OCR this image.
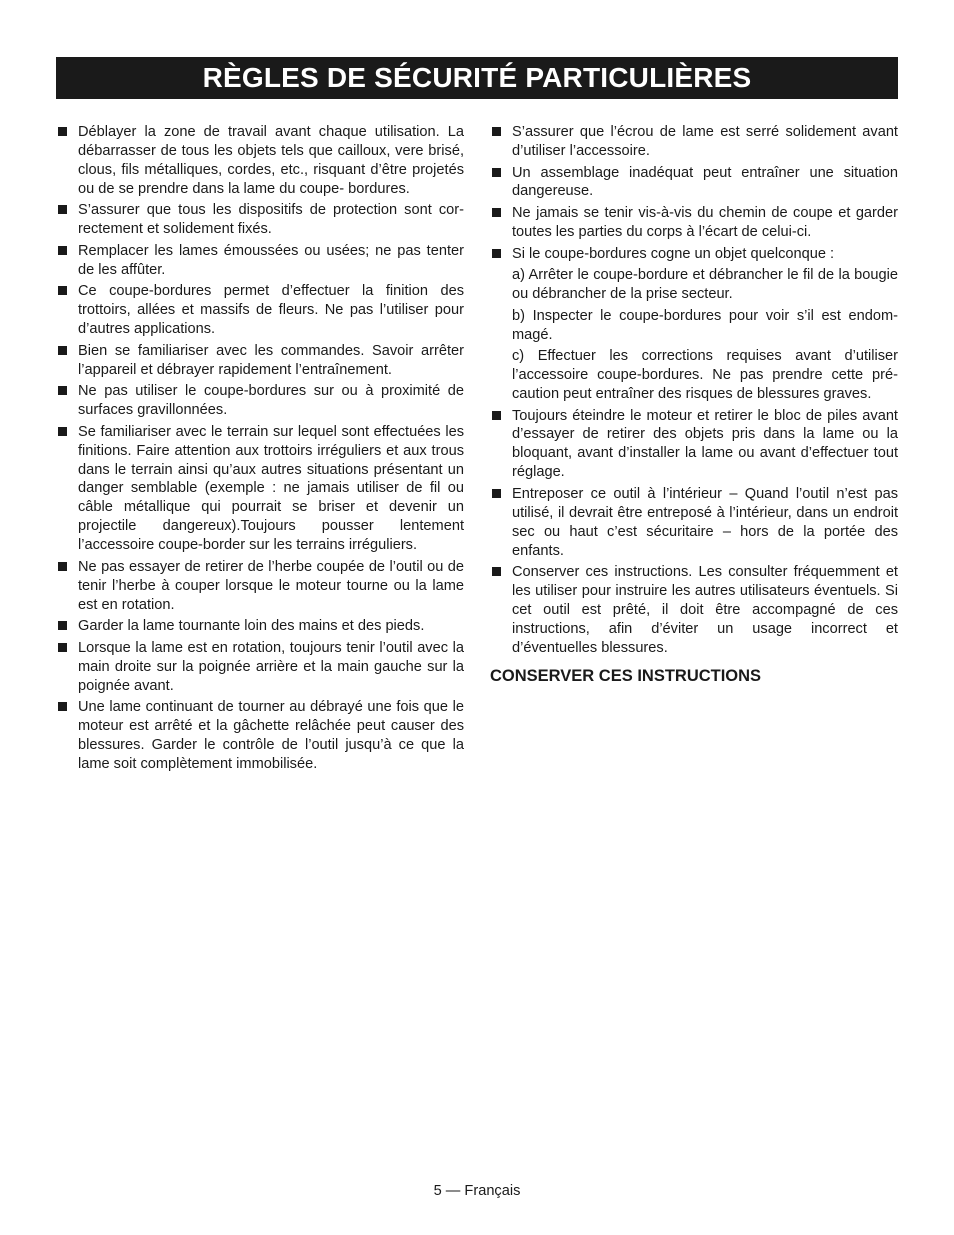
RÈGLES DE SÉCURITÉ PARTICULIÈRES
Déblayer la zone de travail avant chaque utilisation. La débarrasser de tous les objets tels que cailloux, vere brisé, clous, fils métalliques, cordes, etc., risquant d’être projetés ou de se prendre dans la lame du coupe- bordures.
S’assurer que tous les dispositifs de protection sont correctement et solidement fixés.
Remplacer les lames émoussées ou usées; ne pas tenter de les affûter.
Ce coupe-bordures permet d’effectuer la finition des trottoirs, allées et massifs de fleurs. Ne pas l’utiliser pour d’autres applications.
Bien se familiariser avec les commandes. Savoir arrêter l’appareil et débrayer rapidement l’entraînement.
Ne pas utiliser le coupe-bordures sur ou à proximité de surfaces gravillonnées.
Se familiariser avec le terrain sur lequel sont effectuées les finitions. Faire attention aux trottoirs irréguliers et aux trous dans le terrain ainsi qu’aux autres situations présentant un danger semblable (exemple : ne jamais utiliser de fil ou câble métallique qui pourrait se briser et devenir un projectile dangereux).Toujours pousser lentement l’accessoire coupe-border sur les terrains irréguliers.
Ne pas essayer de retirer de l’herbe coupée de l’outil ou de tenir l’herbe à couper lorsque le moteur tourne ou la lame est en rotation.
Garder la lame tournante loin des mains et des pieds.
Lorsque la lame est en rotation, toujours tenir l’outil avec la main droite sur la poignée arrière et la main gauche sur la poignée avant.
Une lame continuant de tourner au débrayé une fois que le moteur est arrêté et la gâchette relâchée peut causer des blessures. Garder le contrôle de l’outil jusqu’à ce que la lame soit complètement immobilisée.
S’assurer que l’écrou de lame est serré solidement avant d’utiliser l’accessoire.
Un assemblage inadéquat peut entraîner une situation dangereuse.
Ne jamais se tenir vis-à-vis du chemin de coupe et garder toutes les parties du corps à l’écart de celui-ci.
Si le coupe-bordures cogne un objet quelconque :
a) Arrêter le coupe-bordure et débrancher le fil de la bougie ou débrancher de la prise secteur.
b) Inspecter le coupe-bordures pour voir s’il est endommagé.
c) Effectuer les corrections requises avant d’utiliser l’accessoire coupe-bordures. Ne pas prendre cette précaution peut entraîner des risques de blessures graves.
Toujours éteindre le moteur et retirer le bloc de piles avant d’essayer de retirer des objets pris dans la lame ou la bloquant, avant d’installer la lame ou avant d’effectuer tout réglage.
Entreposer ce outil à l’intérieur – Quand l’outil n’est pas utilisé, il devrait être entreposé à l’intérieur, dans un endroit sec ou haut c’est sécuritaire – hors de la portée des enfants.
Conserver ces instructions. Les consulter fréquemment et les utiliser pour instruire les autres utilisateurs éventuels. Si cet outil est prêté, il doit être accompagné de ces instructions, afin d’éviter un usage incorrect et d’éventuelles blessures.
CONSERVER CES INSTRUCTIONS
5 — Français
